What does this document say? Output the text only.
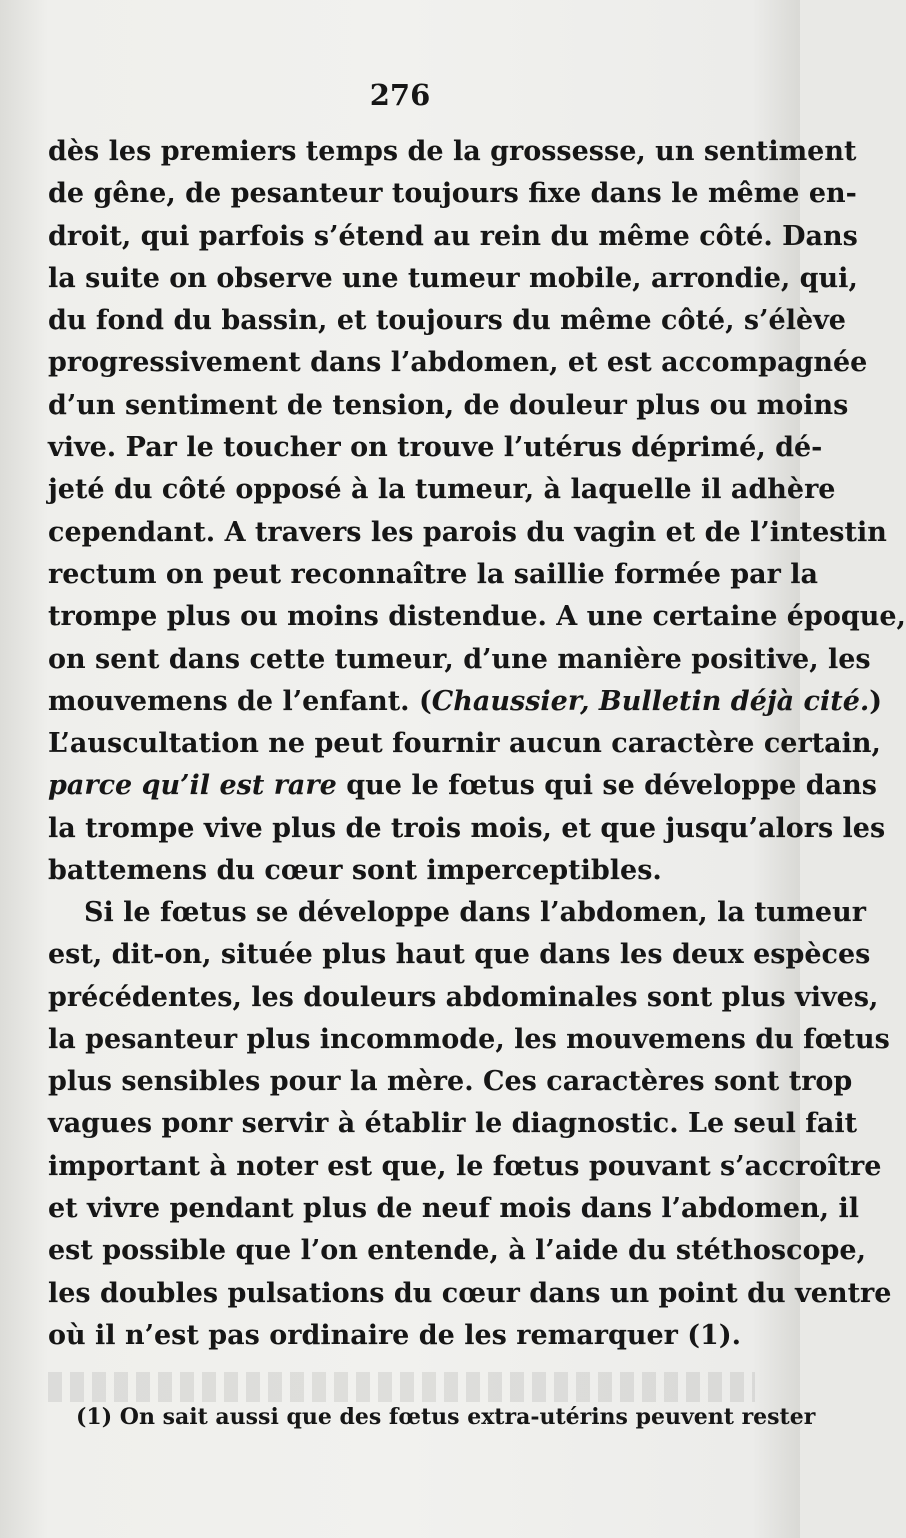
276
dès les premiers temps de la grossesse, un sentiment
de gêne, de pesanteur toujours fixe dans le même en-
droit, qui parfois s’étend au rein du même côté. Dans
la suite on observe une tumeur mobile, arrondie, qui,
du fond du bassin, et toujours du même côté, s’élève
progressivement dans l’abdomen, et est accompagnée
d’un sentiment de tension, de douleur plus ou moins
vive. Par le toucher on trouve l’utérus déprimé, dé-
jeté du côté opposé à la tumeur, à laquelle il adhère
cependant. A travers les parois du vagin et de l’intestin
rectum on peut reconnaître la saillie formée par la
trompe plus ou moins distendue. A une certaine époque,
on sent dans cette tumeur, d’une manière positive, les
mouvemens de l’enfant. (Chaussier, Bulletin déjà cité.)
L’auscultation ne peut fournir aucun caractère certain,
parce qu’il est rare que le fœtus qui se développe dans
la trompe vive plus de trois mois, et que jusqu’alors les
battemens du cœur sont imperceptibles.
Si le fœtus se développe dans l’abdomen, la tumeur
est, dit-on, située plus haut que dans les deux espèces
précédentes, les douleurs abdominales sont plus vives,
la pesanteur plus incommode, les mouvemens du fœtus
plus sensibles pour la mère. Ces caractères sont trop
vagues ponr servir à établir le diagnostic. Le seul fait
important à noter est que, le fœtus pouvant s’accroître
et vivre pendant plus de neuf mois dans l’abdomen, il
est possible que l’on entende, à l’aide du stéthoscope,
les doubles pulsations du cœur dans un point du ventre
où il n’est pas ordinaire de les remarquer (1).
(1) On sait aussi que des fœtus extra-utérins peuvent rester
